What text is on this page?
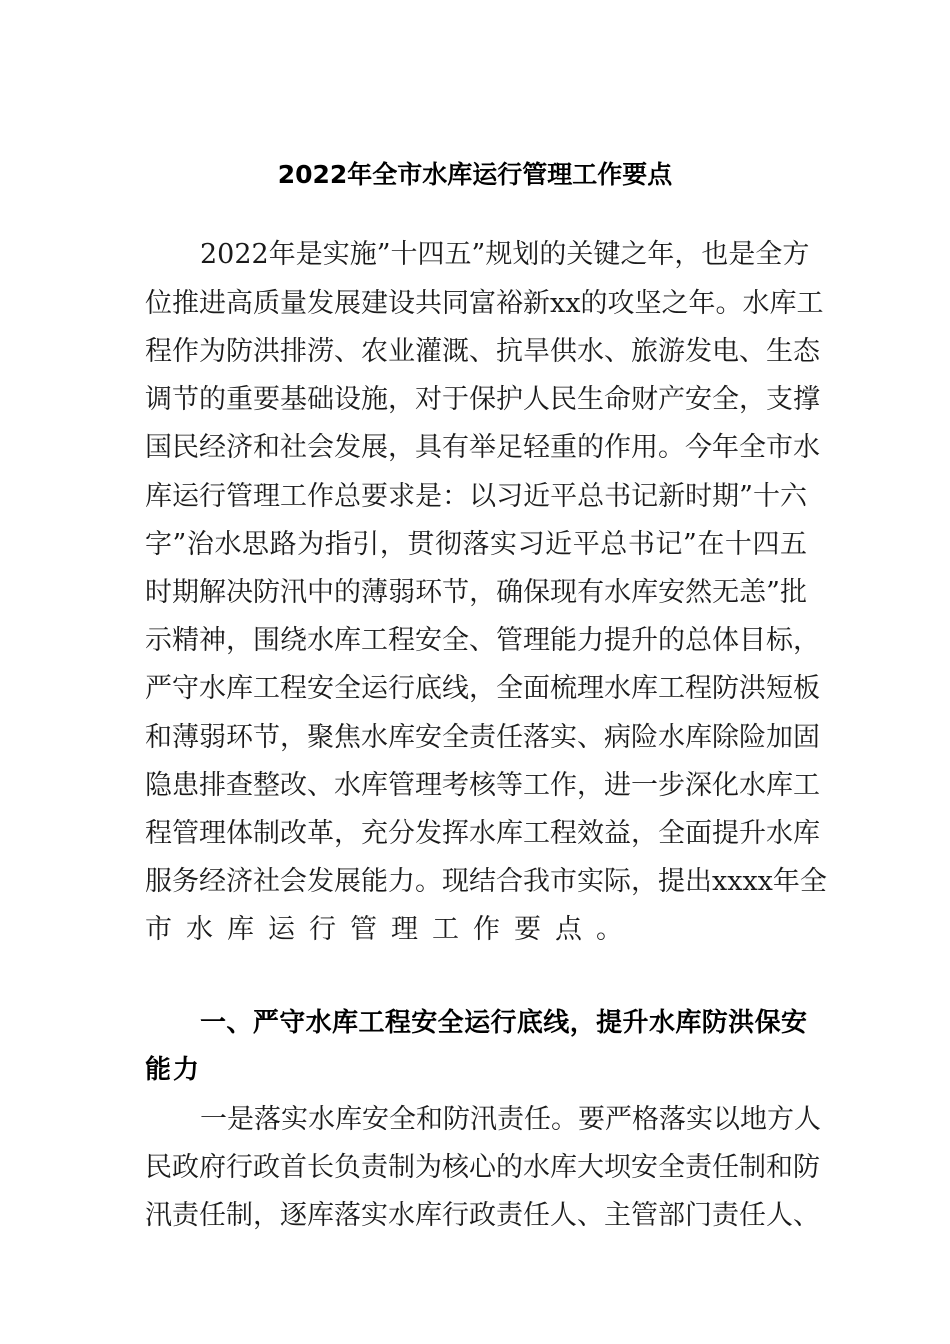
2022年全市水库运行管理工作要点
2022年是实施”十四五”规划的关键之年，也是全方
位推进高质量发展建设共同富裕新xx的攻坚之年。水库工
程作为防洪排涝、农业灌溉、抗旱供水、旅游发电、生态
调节的重要基础设施，对于保护人民生命财产安全，支撑
国民经济和社会发展，具有举足轻重的作用。今年全市水
库运行管理工作总要求是：以习近平总书记新时期”十六
字”治水思路为指引，贯彻落实习近平总书记”在十四五
时期解决防汛中的薄弱环节，确保现有水库安然无恙”批
示精神，围绕水库工程安全、管理能力提升的总体目标，
严守水库工程安全运行底线，全面梳理水库工程防洪短板
和薄弱环节，聚焦水库安全责任落实、病险水库除险加固
隐患排查整改、水库管理考核等工作，进一步深化水库工
程管理体制改革，充分发挥水库工程效益，全面提升水库
服务经济社会发展能力。现结合我市实际，提出xxxx年全
市水库运行管理工作要点。
一、严守水库工程安全运行底线，提升水库防洪保安
能力
一是落实水库安全和防汛责任。要严格落实以地方人
民政府行政首长负责制为核心的水库大坝安全责任制和防
汛责任制，逐库落实水库行政责任人、主管部门责任人、
